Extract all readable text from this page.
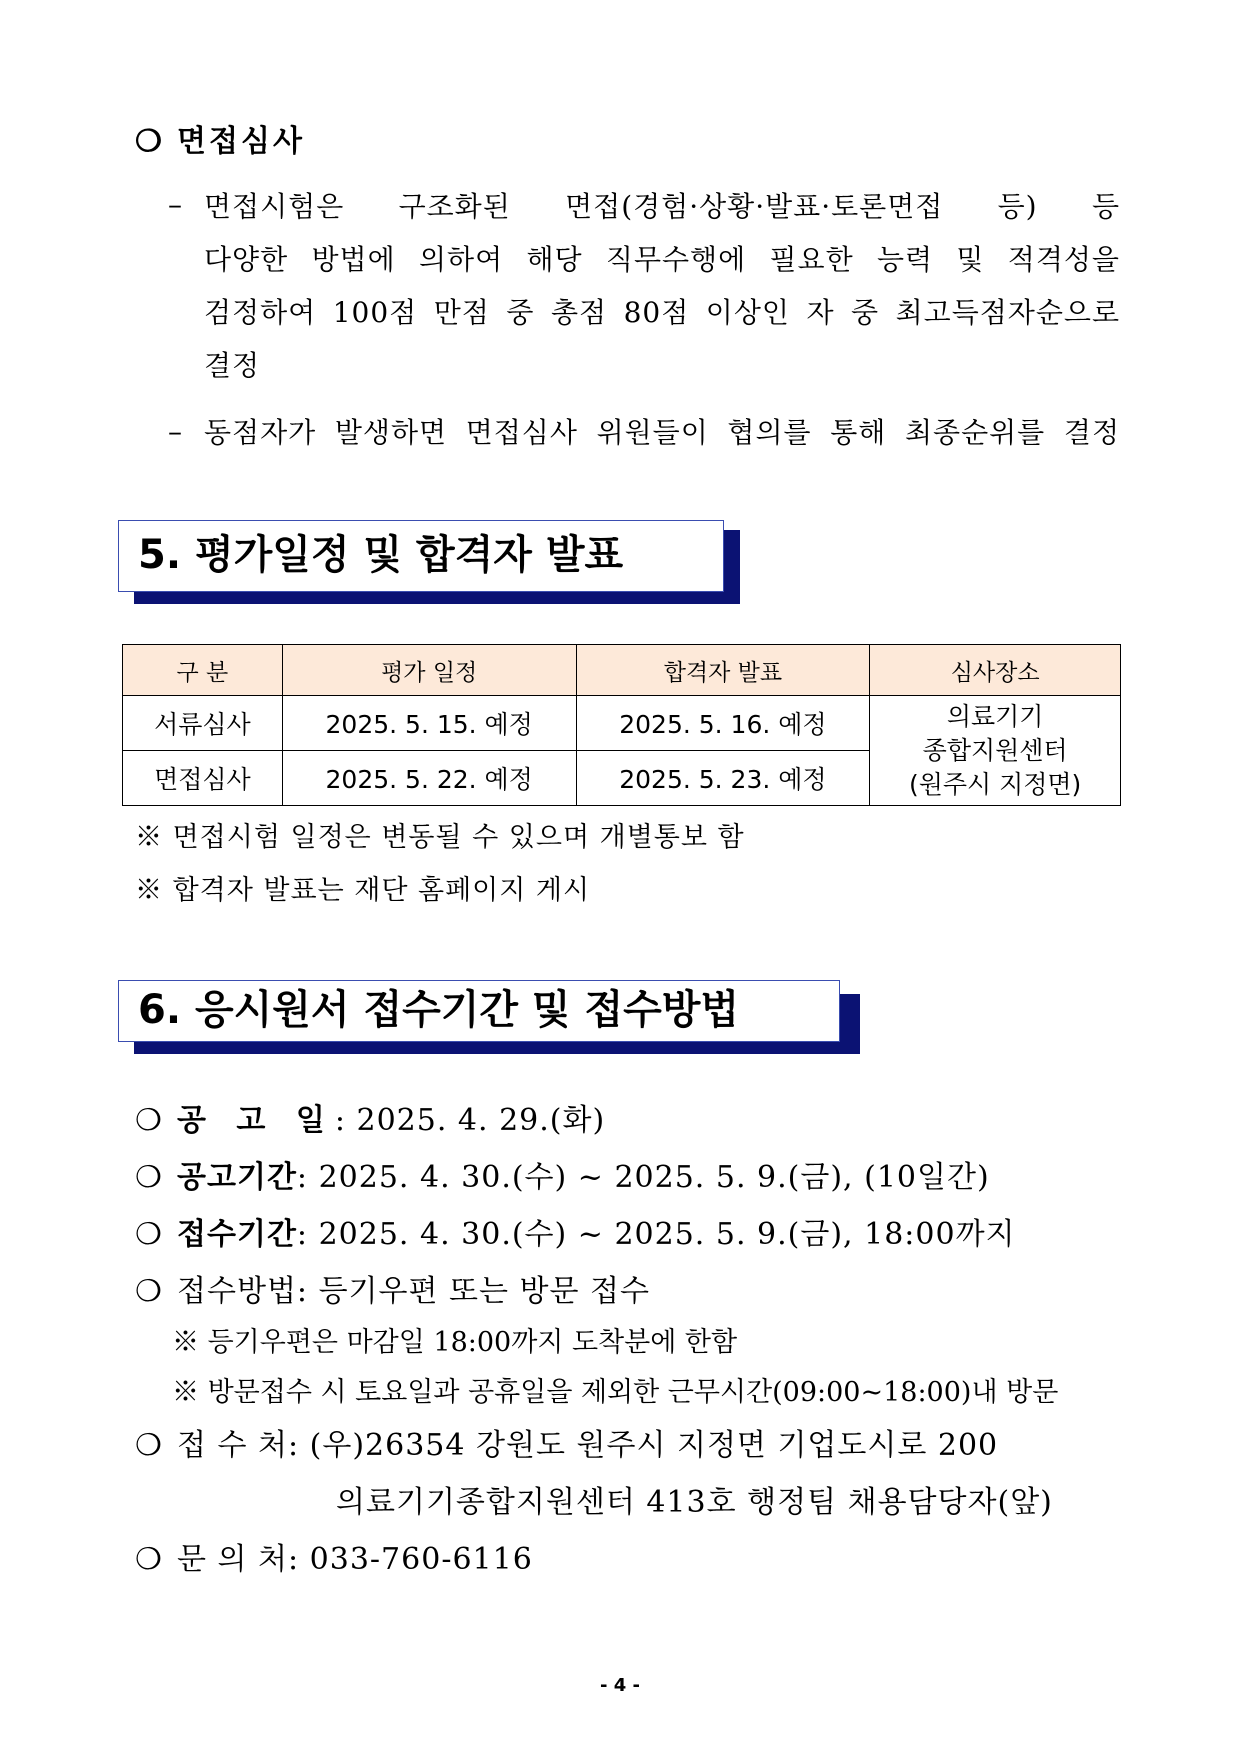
❍ 면접심사
– 면접시험은 구조화된 면접(경험·상황·발표·토론면접 등) 등
다양한 방법에 의하여 해당 직무수행에 필요한 능력 및 적격성을
검정하여 100점 만점 중 총점 80점 이상인 자 중 최고득점자순으로
결정
– 동점자가 발생하면 면접심사 위원들이 협의를 통해 최종순위를 결정
5. 평가일정 및 합격자 발표
구 분	평가 일정	합격자 발표	심사장소
서류심사	2025. 5. 15. 예정	2025. 5. 16. 예정	의료기기
종합지원센터
(원주시 지정면)

면접심사	2025. 5. 22. 예정	2025. 5. 23. 예정	
※ 면접시험 일정은 변동될 수 있으며 개별통보 함
※ 합격자 발표는 재단 홈페이지 게시
6. 응시원서 접수기간 및 접수방법
❍ 공 고 일: 2025. 4. 29.(화)
❍ 공고기간: 2025. 4. 30.(수) ~ 2025. 5. 9.(금), (10일간)
❍ 접수기간: 2025. 4. 30.(수) ~ 2025. 5. 9.(금), 18:00까지
❍ 접수방법: 등기우편 또는 방문 접수
※ 등기우편은 마감일 18:00까지 도착분에 한함
※ 방문접수 시 토요일과 공휴일을 제외한 근무시간(09:00~18:00)내 방문
❍ 접 수 처: (우)26354 강원도 원주시 지정면 기업도시로 200
의료기기종합지원센터 413호 행정팀 채용담당자(앞)
❍ 문 의 처: 033-760-6116
- 4 -
